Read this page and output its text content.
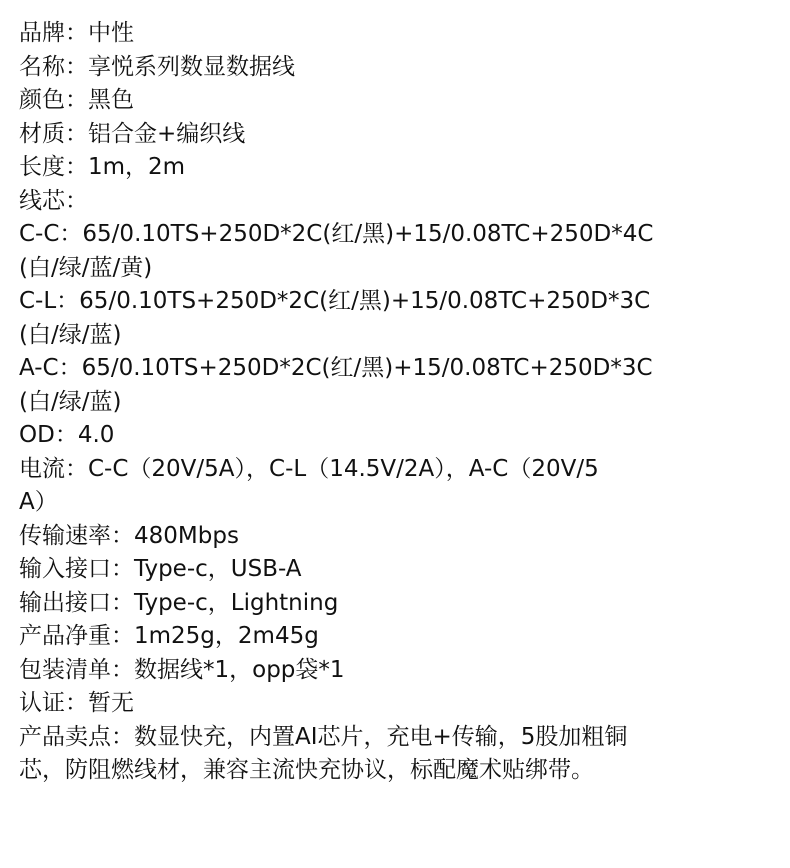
品牌：中性
名称：享悦系列数显数据线
颜色：黑色
材质：铝合金+编织线
长度：1m，2m
线芯：
C-C：65/0.10TS+250D*2C(红/黑)+15/0.08TC+250D*4C
(白/绿/蓝/黄)
C-L：65/0.10TS+250D*2C(红/黑)+15/0.08TC+250D*3C
(白/绿/蓝)
A-C：65/0.10TS+250D*2C(红/黑)+15/0.08TC+250D*3C
(白/绿/蓝)
OD：4.0
电流：C-C（20V/5A），C-L（14.5V/2A），A-C（20V/5
A）
传输速率：480Mbps
输入接口：Type-c，USB-A
输出接口：Type-c，Lightning
产品净重：1m25g，2m45g
包装清单：数据线*1，opp袋*1
认证：暂无
产品卖点：数显快充，内置AI芯片，充电+传输，5股加粗铜
芯，防阻燃线材，兼容主流快充协议，标配魔术贴绑带。
